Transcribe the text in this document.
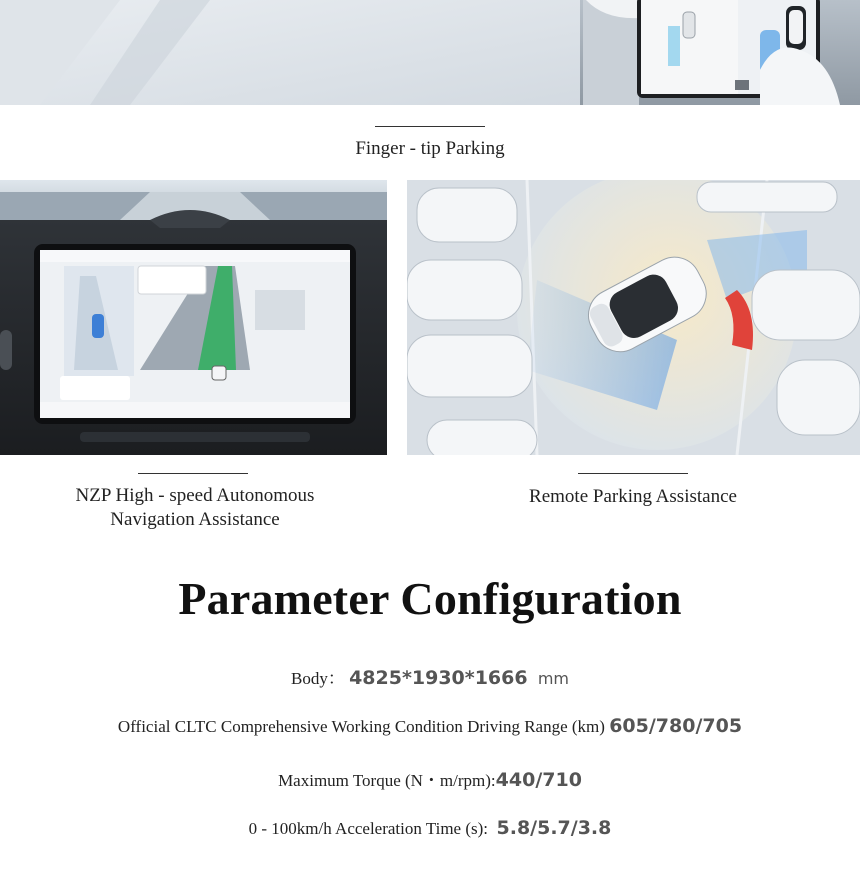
Finger - tip Parking
NZP High - speed Autonomous
Navigation Assistance
Remote Parking Assistance
Parameter Configuration
Body： 4825*1930*1666 mm
Official CLTC Comprehensive Working Condition Driving Range (km) 605/780/705
Maximum Torque (N・m/rpm):440/710
0 - 100km/h Acceleration Time (s):  5.8/5.7/3.8
